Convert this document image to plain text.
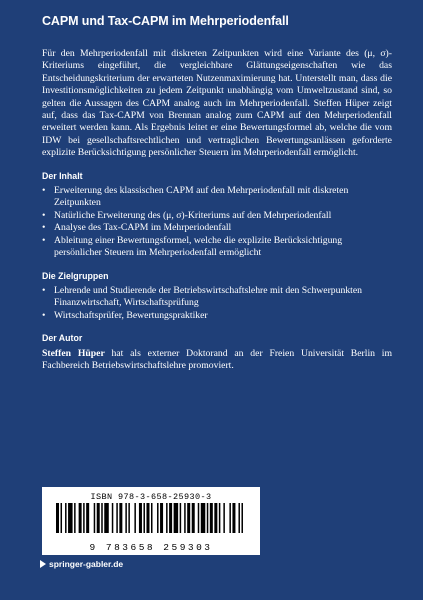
CAPM und Tax-CAPM im Mehrperiodenfall

Für den Mehrperiodenfall mit diskreten Zeitpunkten wird eine Variante des (μ, σ)-Kriteriums eingeführt, die vergleichbare Glättungseigenschaften wie das Entscheidungskriterium der erwarteten Nutzenmaximierung hat. Unterstellt man, dass die Investitionsmöglichkeiten zu jedem Zeitpunkt unabhängig vom Umweltzustand sind, so gelten die Aussagen des CAPM analog auch im Mehrperiodenfall. Steffen Hüper zeigt auf, dass das Tax-CAPM von Brennan analog zum CAPM auf den Mehrperiodenfall erweitert werden kann. Als Ergebnis leitet er eine Bewertungsformel ab, welche die vom IDW bei gesellschaftsrechtlichen und vertraglichen Bewertungsanlässen geforderte explizite Berücksichtigung persönlicher Steuern im Mehrperiodenfall ermöglicht.

Der Inhalt
• Erweiterung des klassischen CAPM auf den Mehrperiodenfall mit diskreten Zeitpunkten
• Natürliche Erweiterung des (μ, σ)-Kriteriums auf den Mehrperiodenfall
• Analyse des Tax-CAPM im Mehrperiodenfall
• Ableitung einer Bewertungsformel, welche die explizite Berücksichtigung persönlicher Steuern im Mehrperiodenfall ermöglicht
Die Zielgruppen
• Lehrende und Studierende der Betriebswirtschaftslehre mit den Schwerpunkten Finanzwirtschaft, Wirtschaftsprüfung
• Wirtschaftsprüfer, Bewertungspraktiker
Der Autor

Steffen Hüper hat als externer Doktorand an der Freien Universität Berlin im Fachbereich Betriebswirtschaftslehre promoviert.

ISBN 978-3-658-25930-3
9 783658 259303
springer-gabler.de
